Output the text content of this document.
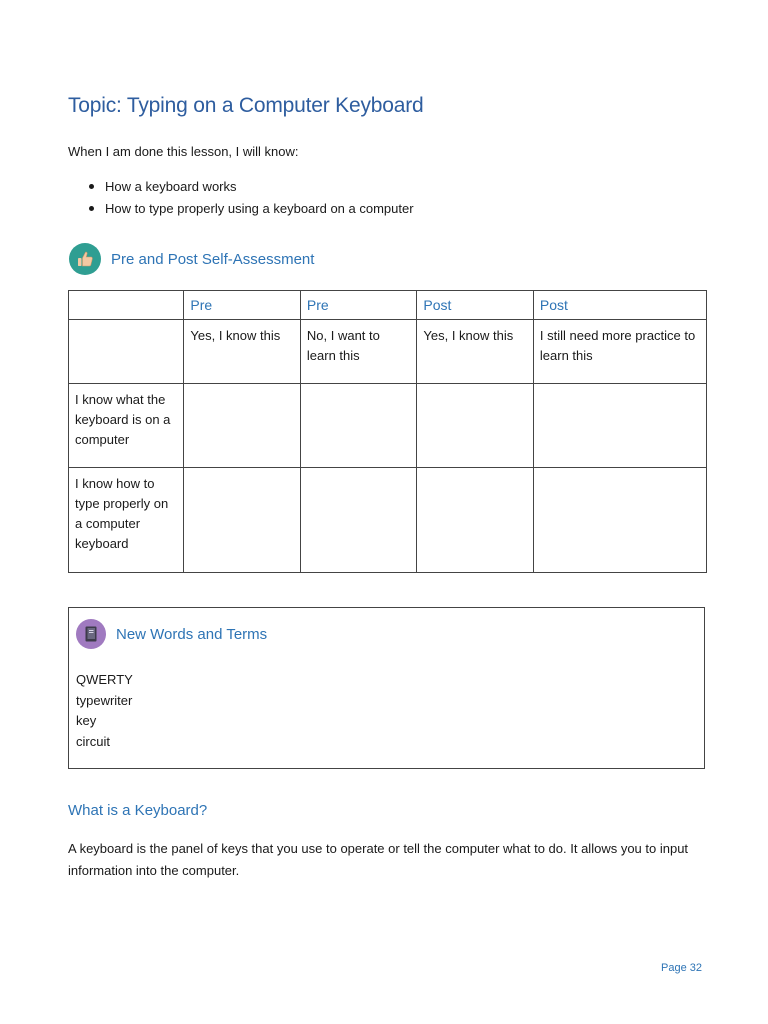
Topic: Typing on a Computer Keyboard

When I am done this lesson, I will know:

How a keyboard works
How to type properly using a keyboard on a computer
Pre and Post Self-Assessment
	Pre	Pre	Post	Post
	Yes, I know this	No, I want to learn this	Yes, I know this	I still need more practice to learn this
I know what the keyboard is on a computer				
I know how to type properly on a computer keyboard				
New Words and Terms
QWERTY
typewriter
key
circuit
What is a Keyboard?

A keyboard is the panel of keys that you use to operate or tell the computer what to do. It allows you to input information into the computer.

Page 32
